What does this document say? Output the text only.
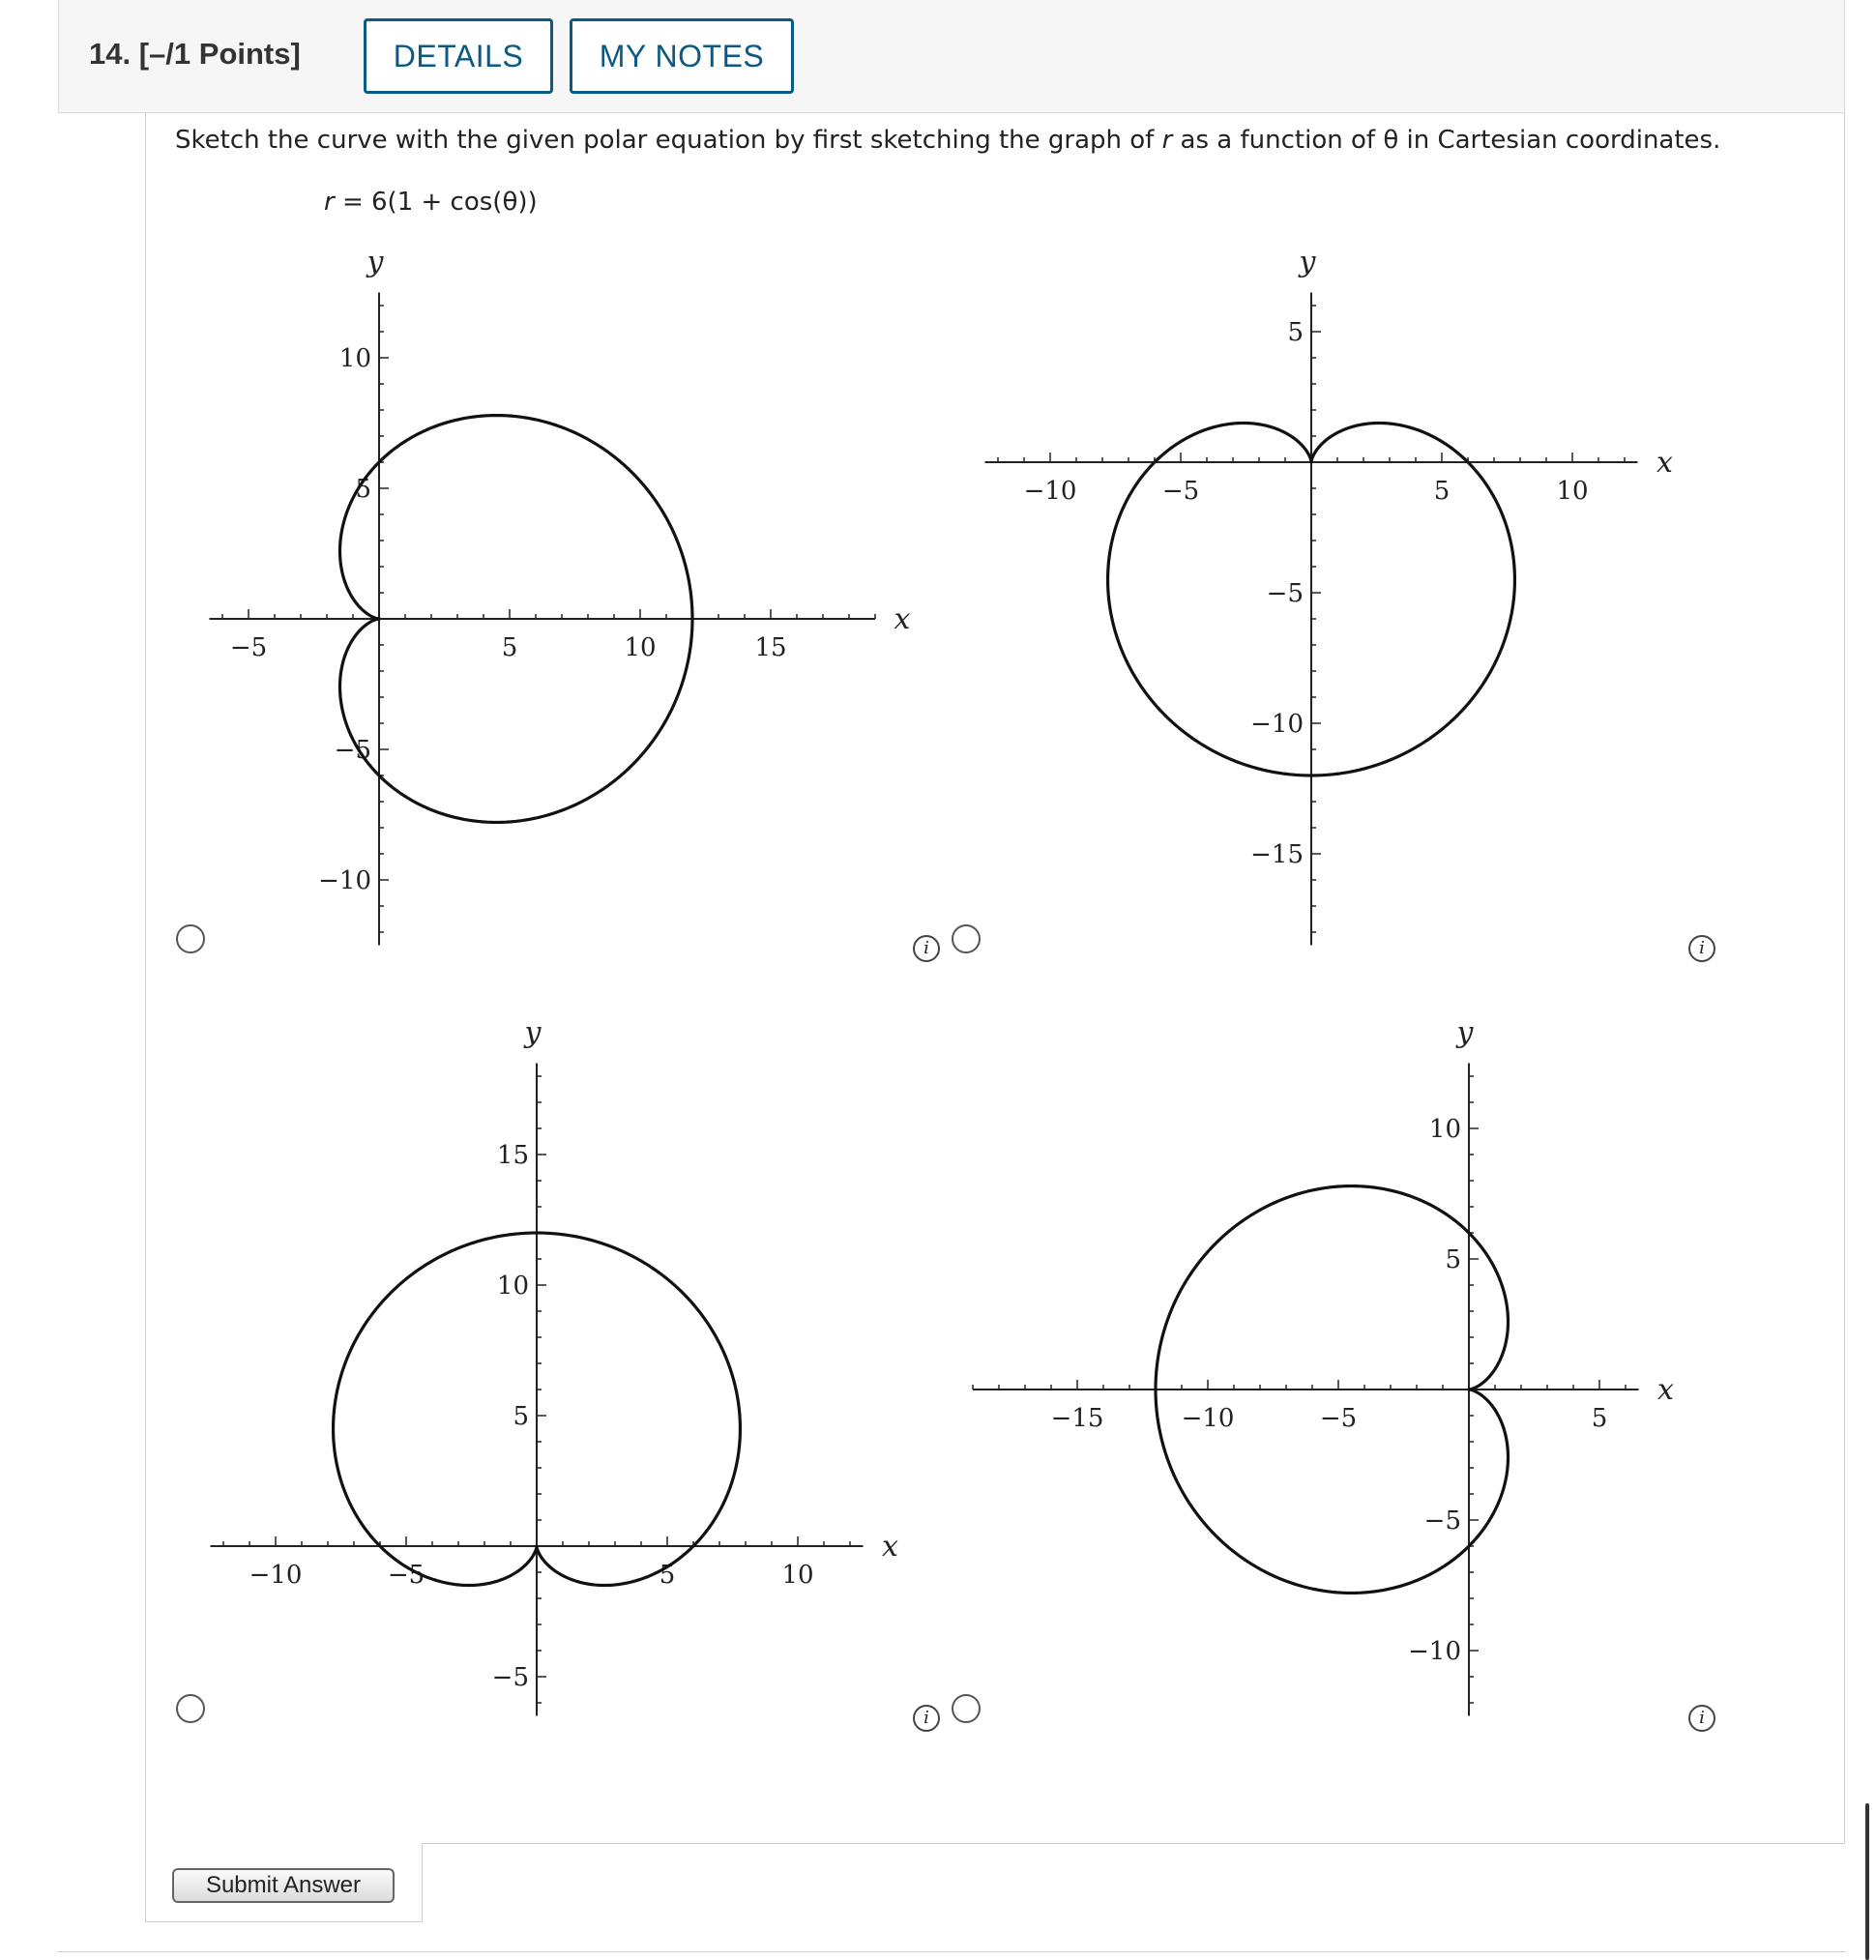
14. [–/1 Points]	DETAILS	MY NOTES
Sketch the curve with the given polar equation by first sketching the graph of r as a function of θ in Cartesian coordinates.
r = 6(1 + cos(θ))
−5	5	10	15
−10
−5
5
10
x
y
−10	−5	5	10
−15
−10
−5
5
x
y
−10	−5	5	10
−5
5
10
15
x
y
−15	−10	−5	5
−10
−5
5
10
x
y
i	i
i	i
Submit Answer
